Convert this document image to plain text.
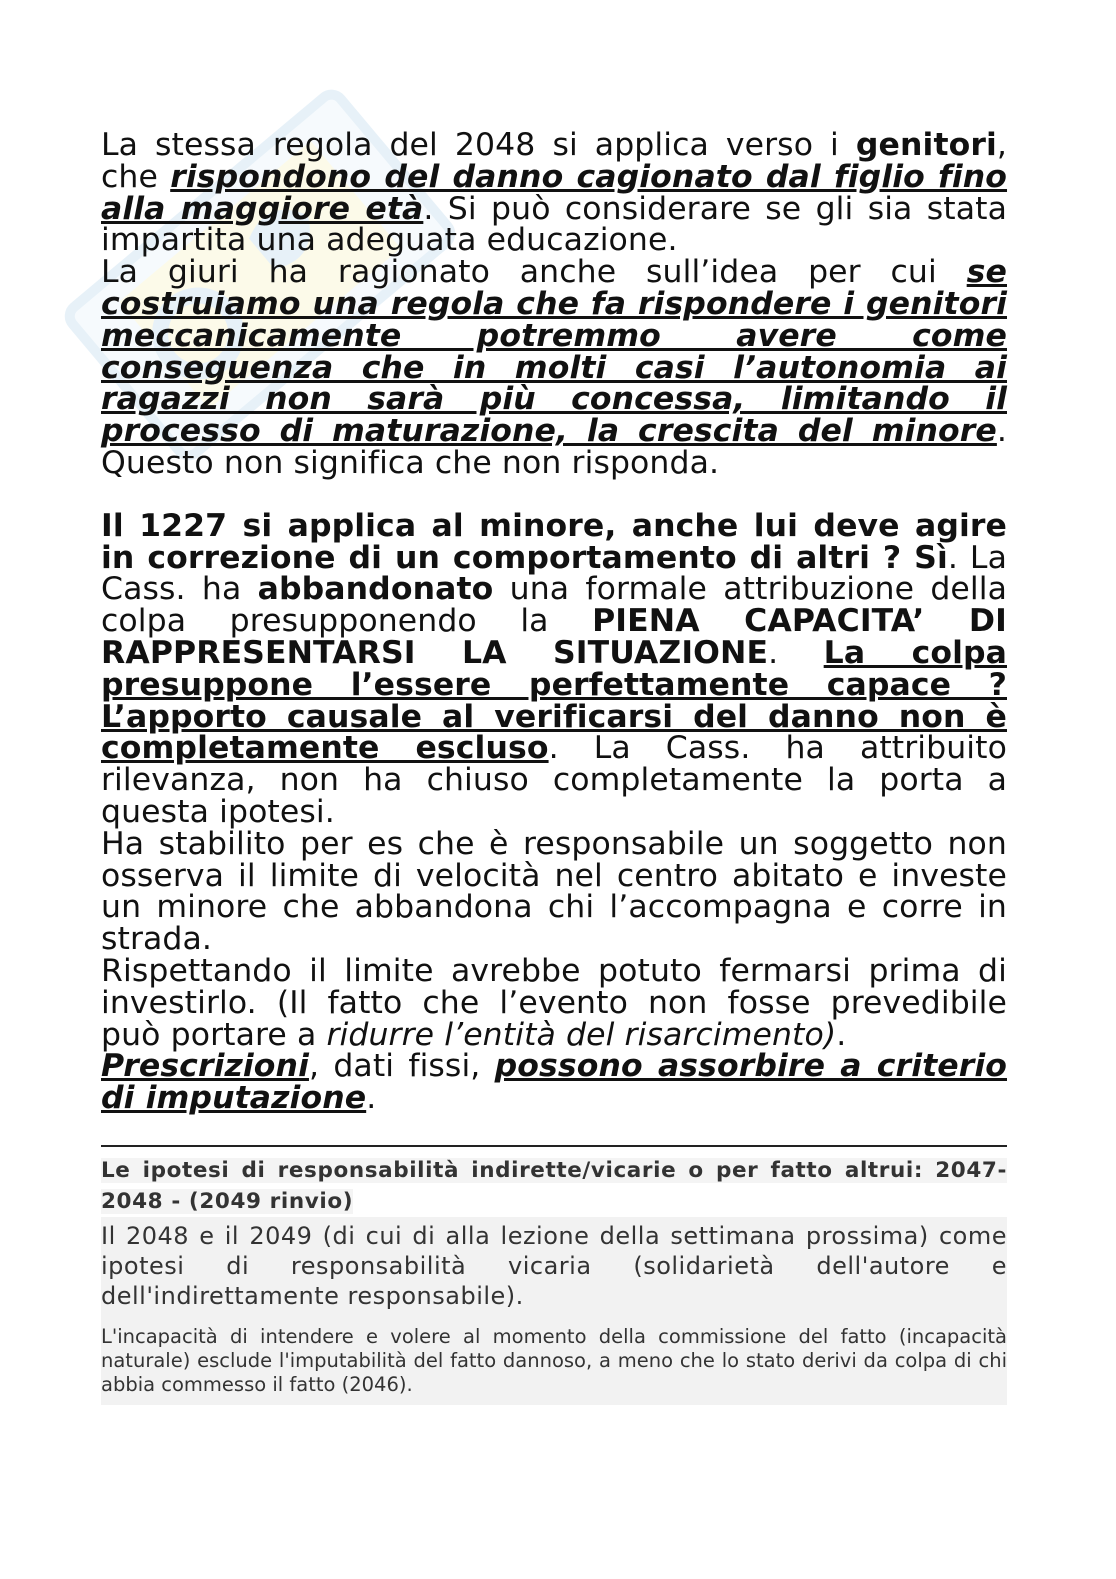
La stessa regola del 2048 si applica verso i genitori, che rispondono del danno cagionato dal figlio fino alla maggiore età. Si può considerare se gli sia stata impartita una adeguata educazione.

La giuri ha ragionato anche sull’idea per cui se costruiamo una regola che fa rispondere i genitori meccanicamente potremmo avere come conseguenza che in molti casi l’autonomia ai ragazzi non sarà più concessa, limitando il processo di maturazione, la crescita del minore. Questo non significa che non risponda.

Il 1227 si applica al minore, anche lui deve agire in correzione di un comportamento di altri ? Sì. La Cass. ha abbandonato una formale attribuzione della colpa presupponendo la PIENA CAPACITA’ DI RAPPRESENTARSI LA SITUAZIONE. La colpa presuppone l’essere perfettamente capace ? L’apporto causale al verificarsi del danno non è completamente escluso. La Cass. ha attribuito rilevanza, non ha chiuso completamente la porta a questa ipotesi.

Ha stabilito per es che è responsabile un soggetto non osserva il limite di velocità nel centro abitato e investe un minore che abbandona chi l’accompagna e corre in strada.

Rispettando il limite avrebbe potuto fermarsi prima di investirlo. (Il fatto che l’evento non fosse prevedibile può portare a ridurre l’entità del risarcimento).

Prescrizioni, dati fissi, possono assorbire a criterio di imputazione.

Le ipotesi di responsabilità indirette/vicarie o per fatto altrui: 2047-2048 - (2049 rinvio)

Il 2048 e il 2049 (di cui di alla lezione della settimana prossima) come ipotesi di responsabilità vicaria (solidarietà dell'autore e dell'indirettamente responsabile).

L'incapacità di intendere e volere al momento della commissione del fatto (incapacità naturale) esclude l'imputabilità del fatto dannoso, a meno che lo stato derivi da colpa di chi abbia commesso il fatto (2046).
